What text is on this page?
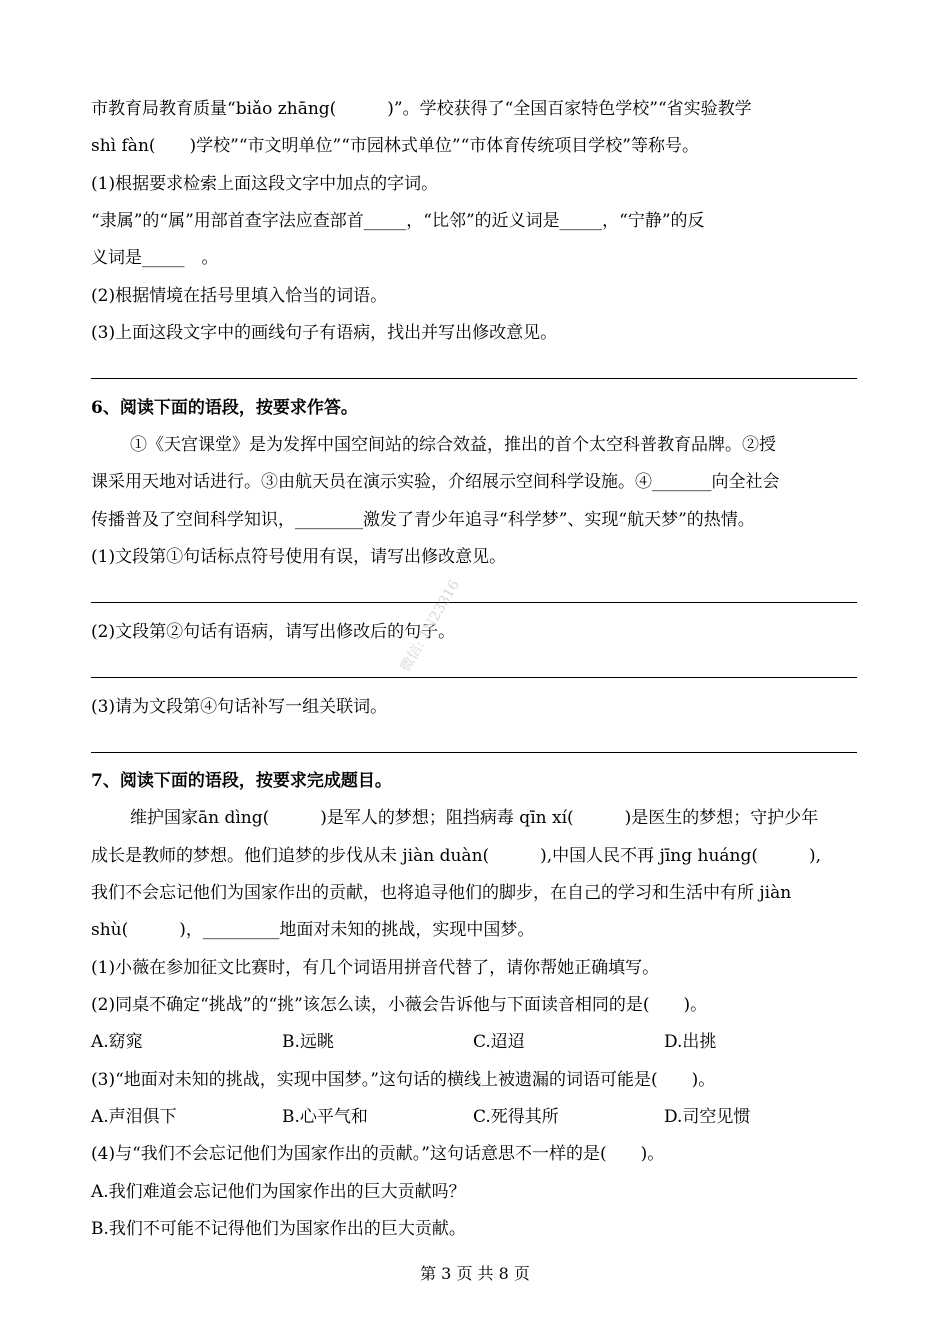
市教育局教育质量“biǎo zhāng(　　　)”。学校获得了“全国百家特色学校”“省实验教学
shì fàn(　　)学校”“市文明单位”“市园林式单位”“市体育传统项目学校”等称号。
(1)根据要求检索上面这段文字中加点的字词。
“隶属”的“属”用部首查字法应查部首_____，“比邻”的近义词是_____，“宁静”的反
义词是_____　。
(2)根据情境在括号里填入恰当的词语。
(3)上面这段文字中的画线句子有语病，找出并写出修改意见。
6、阅读下面的语段，按要求作答。
①《天宫课堂》是为发挥中国空间站的综合效益，推出的首个太空科普教育品牌。②授
课采用天地对话进行。③由航天员在演示实验，介绍展示空间科学设施。④_______向全社会
传播普及了空间科学知识，________激发了青少年追寻“科学梦”、实现“航天梦”的热情。
(1)文段第①句话标点符号使用有误，请写出修改意见。
(2)文段第②句话有语病，请写出修改后的句子。
(3)请为文段第④句话补写一组关联词。
7、阅读下面的语段，按要求完成题目。
维护国家ān dìng(　　　)是军人的梦想；阻挡病毒 qīn xí(　　　)是医生的梦想；守护少年
成长是教师的梦想。他们追梦的步伐从未 jiàn duàn(　　　),中国人民不再 jīng huáng(　　　),
我们不会忘记他们为国家作出的贡献，也将追寻他们的脚步，在自己的学习和生活中有所 jiàn
shù(　　　)，_________地面对未知的挑战，实现中国梦。
(1)小薇在参加征文比赛时，有几个词语用拼音代替了，请你帮她正确填写。
(2)同桌不确定“挑战”的“挑”该怎么读，小薇会告诉他与下面读音相同的是(　　)。
A.窈窕	B.远眺	C.迢迢	D.出挑
(3)“地面对未知的挑战，实现中国梦。”这句话的横线上被遗漏的词语可能是(　　)。
A.声泪俱下	B.心平气和	C.死得其所	D.司空见惯
(4)与“我们不会忘记他们为国家作出的贡献。”这句话意思不一样的是(　　)。
A.我们难道会忘记他们为国家作出的巨大贡献吗？
B.我们不可能不记得他们为国家作出的巨大贡献。
第 3 页 共 8 页
微信: 1N23316
